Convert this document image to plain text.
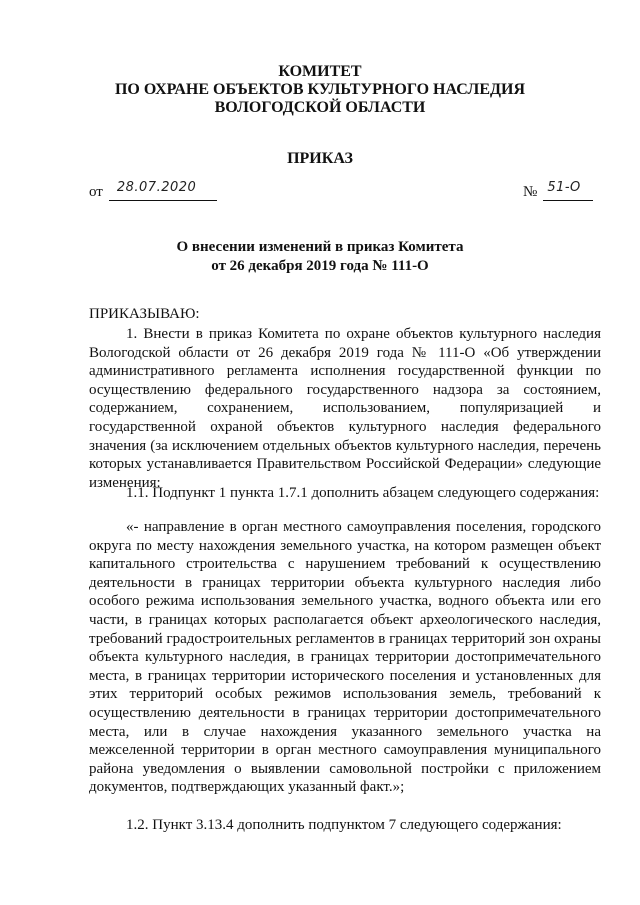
КОМИТЕТ
ПО ОХРАНЕ ОБЪЕКТОВ КУЛЬТУРНОГО НАСЛЕДИЯ
ВОЛОГОДСКОЙ ОБЛАСТИ
ПРИКАЗ
от 28.07.2020	№ 51-О
О внесении изменений в приказ Комитета
от 26 декабря 2019 года № 111-О
ПРИКАЗЫВАЮ:

1. Внести в приказ Комитета по охране объектов культурного наследия Вологодской области от 26 декабря 2019 года № 111-О «Об утверждении административного регламента исполнения государственной функции по осуществлению федерального государственного надзора за состоянием, содержанием, сохранением, использованием, популяризацией и государственной охраной объектов культурного наследия федерального значения (за исключением отдельных объектов культурного наследия, перечень которых устанавливается Правительством Российской Федерации» следующие изменения:

1.1. Подпункт 1 пункта 1.7.1 дополнить абзацем следующего содержания:

«- направление в орган местного самоуправления поселения, городского округа по месту нахождения земельного участка, на котором размещен объект капитального строительства с нарушением требований к осуществлению деятельности в границах территории объекта культурного наследия либо особого режима использования земельного участка, водного объекта или его части, в границах которых располагается объект археологического наследия, требований градостроительных регламентов в границах территорий зон охраны объекта культурного наследия, в границах территории достопримечательного места, в границах территории исторического поселения и установленных для этих территорий особых режимов использования земель, требований к осуществлению деятельности в границах территории достопримечательного места, или в случае нахождения указанного земельного участка на межселенной территории в орган местного самоуправления муниципального района уведомления о выявлении самовольной постройки с приложением документов, подтверждающих указанный факт.»;

1.2. Пункт 3.13.4 дополнить подпунктом 7 следующего содержания:
